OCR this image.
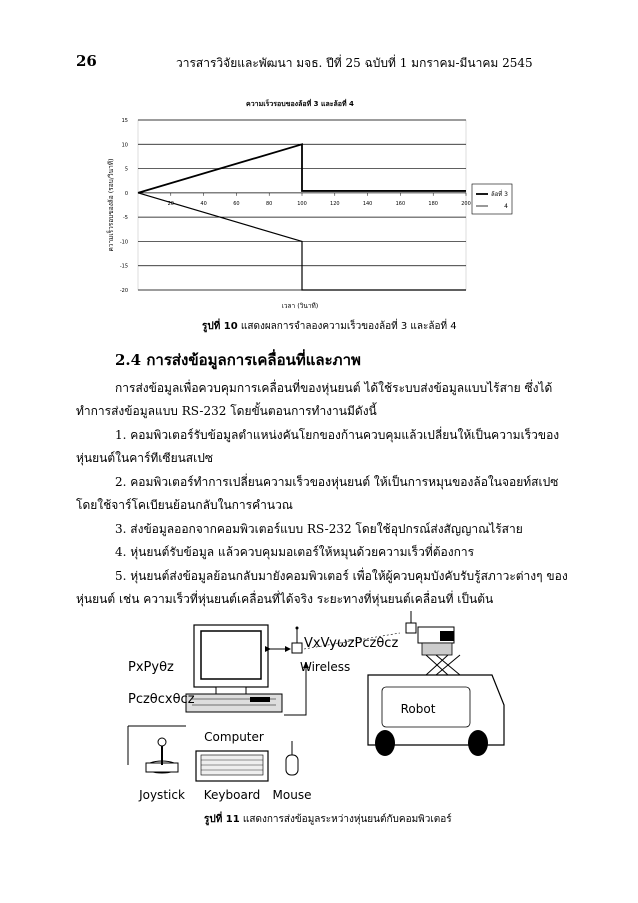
26	วารสารวิจัยและพัฒนา มจธ. ปีที่ 25 ฉบับที่ 1 มกราคม-มีนาคม 2545
ความเร็วรอบของล้อที่ 3 และล้อที่ 4
15
10
5
0
-5
-10
-15
-20
20	40	60	80	100	120	140	160	180	200
เวลา (วินาที)
ความเร็วรอบของล้อ (รอบ/วินาที)	ล้อที่ 3
4
รูปที่ 10 แสดงผลการจำลองความเร็วของล้อที่ 3 และล้อที่ 4
2.4 การส่งข้อมูลการเคลื่อนที่และภาพ
การส่งข้อมูลเพื่อควบคุมการเคลื่อนที่ของหุ่นยนต์ ได้ใช้ระบบส่งข้อมูลแบบไร้สาย ซึ่งได้
ทำการส่งข้อมูลแบบ RS-232 โดยขั้นตอนการทำงานมีดังนี้
1. คอมพิวเตอร์รับข้อมูลตำแหน่งคันโยกของก้านควบคุมแล้วเปลี่ยนให้เป็นความเร็วของ
หุ่นยนต์ในคาร์ทีเซียนสเปซ
2. คอมพิวเตอร์ทำการเปลี่ยนความเร็วของหุ่นยนต์ ให้เป็นการหมุนของล้อในจอยท์สเปซ
โดยใช้จาร์โคเบียนย้อนกลับในการคำนวณ
3. ส่งข้อมูลออกจากคอมพิวเตอร์แบบ RS-232 โดยใช้อุปกรณ์ส่งสัญญาณไร้สาย
4. หุ่นยนต์รับข้อมูล แล้วควบคุมมอเตอร์ให้หมุนด้วยความเร็วที่ต้องการ
5. หุ่นยนต์ส่งข้อมูลย้อนกลับมายังคอมพิวเตอร์ เพื่อให้ผู้ควบคุมบังคับรับรู้สภาวะต่างๆ ของ
หุ่นยนต์ เช่น ความเร็วที่หุ่นยนต์เคลื่อนที่ได้จริง ระยะทางที่หุ่นยนต์เคลื่อนที่ เป็นต้น
Computer
PxPyθz
Pczθcxθcz
VxVyωzPczθcz
Wireless
Robot
Joystick Keyboard Mouse
รูปที่ 11 แสดงการส่งข้อมูลระหว่างหุ่นยนต์กับคอมพิวเตอร์
